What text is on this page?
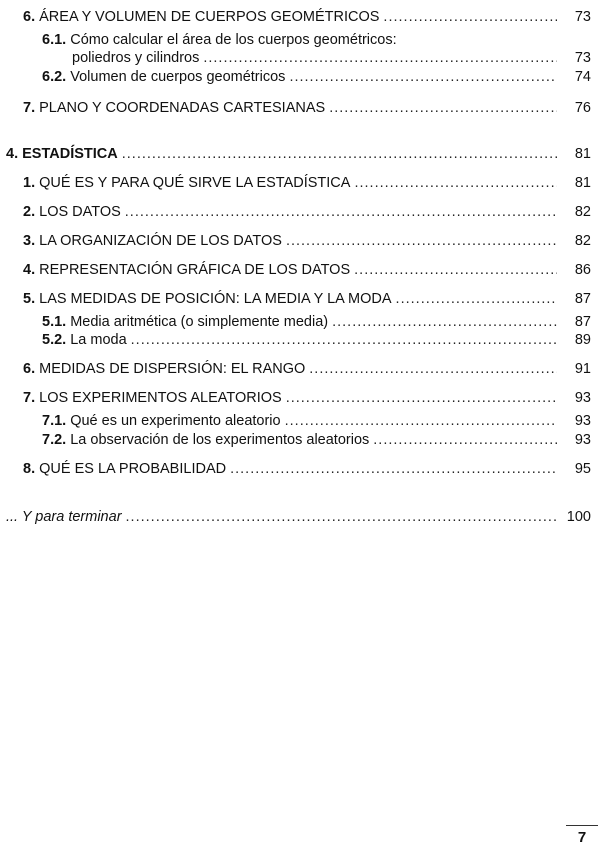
6. ÁREA Y VOLUMEN DE CUERPOS GEOMÉTRICOS .....	73
6.1. Cómo calcular el área de los cuerpos geométricos:
poliedros y cilindros .....	73
6.2. Volumen de cuerpos geométricos .....	74
7. PLANO Y COORDENADAS CARTESIANAS .....	76
4. ESTADÍSTICA .....	81
1. QUÉ ES Y PARA QUÉ SIRVE LA ESTADÍSTICA .....	81
2. LOS DATOS .....	82
3. LA ORGANIZACIÓN DE LOS DATOS .....	82
4. REPRESENTACIÓN GRÁFICA DE LOS DATOS .....	86
5. LAS MEDIDAS DE POSICIÓN: LA MEDIA Y LA MODA .....	87
5.1. Media aritmética (o simplemente media) .....	87
5.2. La moda .....	89
6. MEDIDAS DE DISPERSIÓN: EL RANGO .....	91
7. LOS EXPERIMENTOS ALEATORIOS .....	93
7.1. Qué es un experimento aleatorio .....	93
7.2. La observación de los experimentos aleatorios .....	93
8. QUÉ ES LA PROBABILIDAD .....	95
... Y para terminar .....	100
7
